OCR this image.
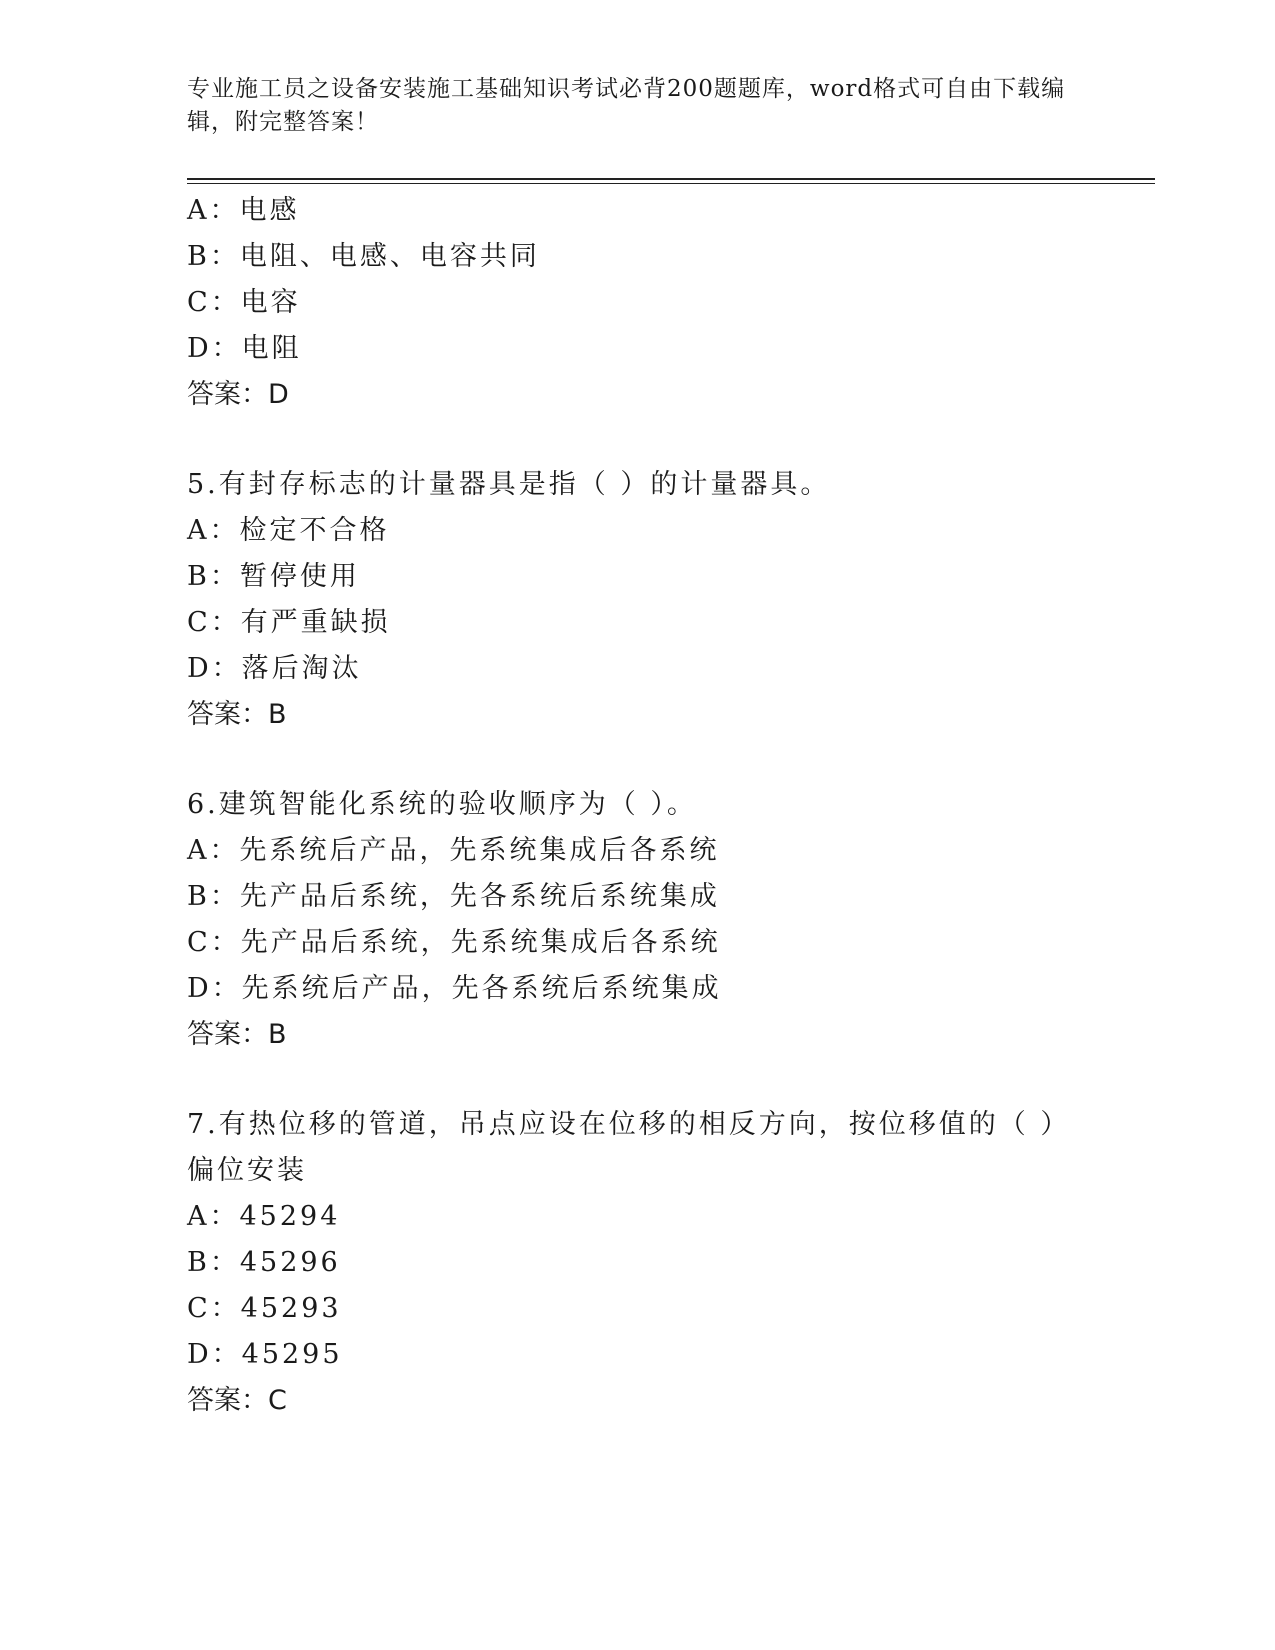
专业施工员之设备安装施工基础知识考试必背200题题库，word格式可自由下载编辑，附完整答案！
A：电感
B：电阻、电感、电容共同
C：电容
D：电阻
答案：D
5.有封存标志的计量器具是指（ ）的计量器具。
A：检定不合格
B：暂停使用
C：有严重缺损
D：落后淘汰
答案：B
6.建筑智能化系统的验收顺序为（ ）。
A：先系统后产品，先系统集成后各系统
B：先产品后系统，先各系统后系统集成
C：先产品后系统，先系统集成后各系统
D：先系统后产品，先各系统后系统集成
答案：B
7.有热位移的管道，吊点应设在位移的相反方向，按位移值的（ ）偏位安装
A：45294
B：45296
C：45293
D：45295
答案：C
